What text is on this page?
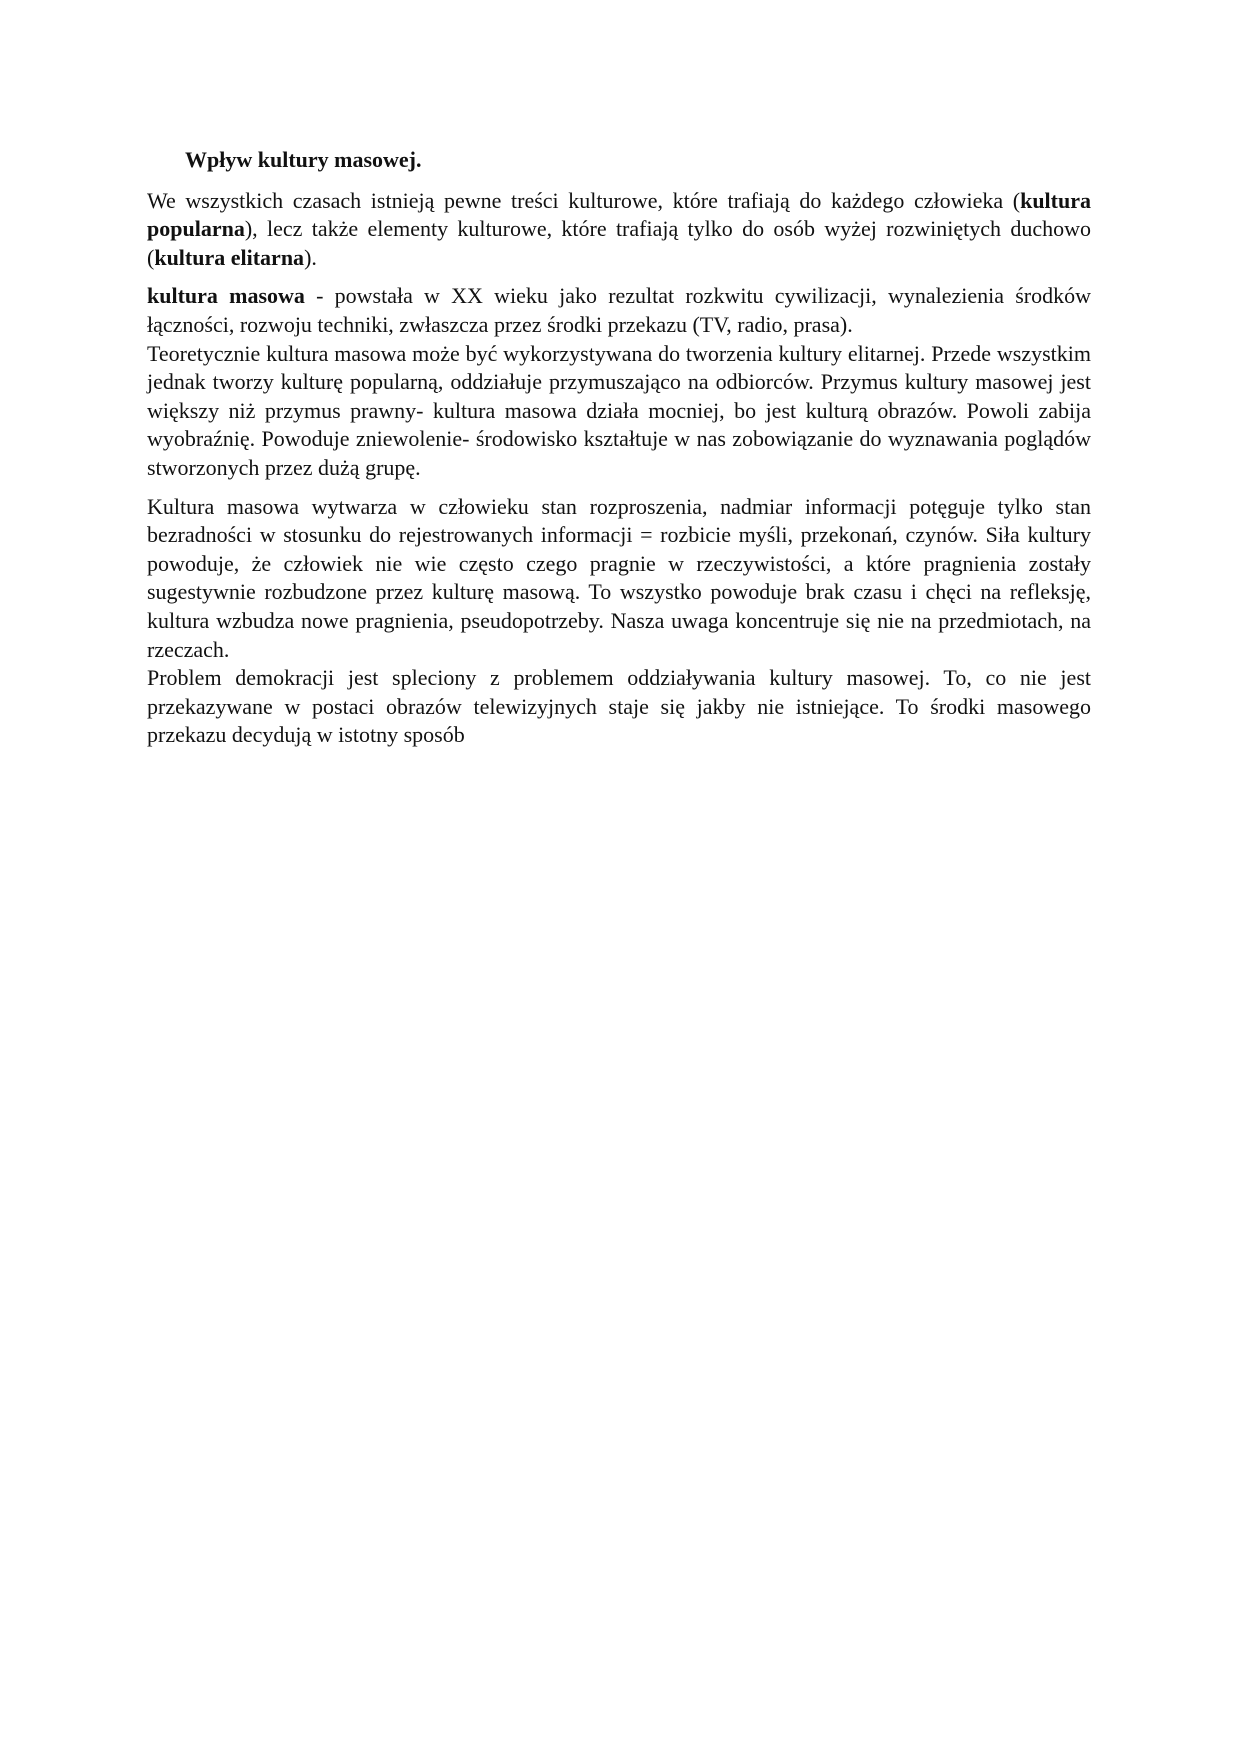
Wpływ kultury masowej.

We wszystkich czasach istnieją pewne treści kulturowe, które trafiają do każdego człowieka (kultura popularna), lecz także elementy kulturowe, które trafiają tylko do osób wyżej rozwiniętych duchowo (kultura elitarna).

kultura masowa - powstała w XX wieku jako rezultat rozkwitu cywilizacji, wynalezienia środków łączności, rozwoju techniki, zwłaszcza przez środki przekazu (TV, radio, prasa).

Teoretycznie kultura masowa może być wykorzystywana do tworzenia kultury elitarnej. Przede wszystkim jednak tworzy kulturę popularną, oddziałuje przymuszająco na odbiorców. Przymus kultury masowej jest większy niż przymus prawny- kultura masowa działa mocniej, bo jest kulturą obrazów. Powoli zabija wyobraźnię. Powoduje zniewolenie- środowisko kształtuje w nas zobowiązanie do wyznawania poglądów stworzonych przez dużą grupę.

Kultura masowa wytwarza w człowieku stan rozproszenia, nadmiar informacji potęguje tylko stan bezradności w stosunku do rejestrowanych informacji = rozbicie myśli, przekonań, czynów. Siła kultury powoduje, że człowiek nie wie często czego pragnie w rzeczywistości, a które pragnienia zostały sugestywnie rozbudzone przez kulturę masową. To wszystko powoduje brak czasu i chęci na refleksję, kultura wzbudza nowe pragnienia, pseudopotrzeby. Nasza uwaga koncentruje się nie na przedmiotach, na rzeczach.

Problem demokracji jest spleciony z problemem oddziaływania kultury masowej. To, co nie jest przekazywane w postaci obrazów telewizyjnych staje się jakby nie istniejące. To środki masowego przekazu decydują w istotny sposób
